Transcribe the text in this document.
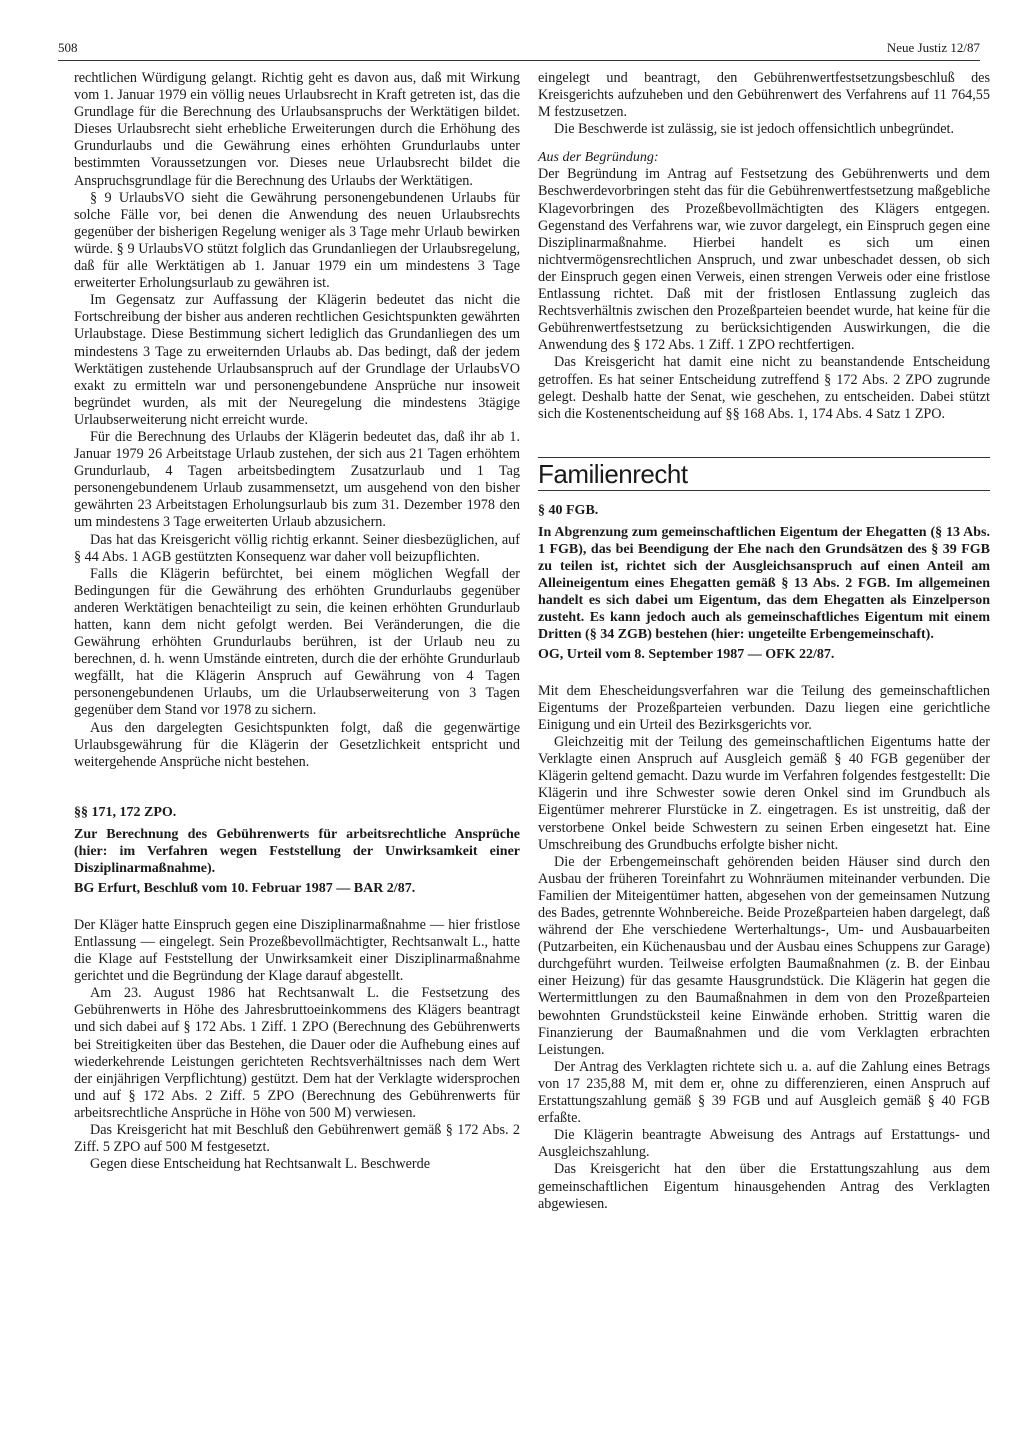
508	Neue Justiz 12/87

rechtlichen Würdigung gelangt. Richtig geht es davon aus, daß mit Wirkung vom 1. Januar 1979 ein völlig neues Urlaubsrecht in Kraft getreten ist, das die Grundlage für die Berechnung des Urlaubsanspruchs der Werktätigen bildet. Dieses Urlaubsrecht sieht erhebliche Erweiterungen durch die Erhöhung des Grundurlaubs und die Gewährung eines erhöhten Grundurlaubs unter bestimmten Voraussetzungen vor. Dieses neue Urlaubsrecht bildet die Anspruchsgrundlage für die Berechnung des Urlaubs der Werktätigen.

§ 9 UrlaubsVO sieht die Gewährung personengebundenen Urlaubs für solche Fälle vor, bei denen die Anwendung des neuen Urlaubsrechts gegenüber der bisherigen Regelung weniger als 3 Tage mehr Urlaub bewirken würde. § 9 UrlaubsVO stützt folglich das Grundanliegen der Urlaubsregelung, daß für alle Werktätigen ab 1. Januar 1979 ein um mindestens 3 Tage erweiterter Erholungsurlaub zu gewähren ist.

Im Gegensatz zur Auffassung der Klägerin bedeutet das nicht die Fortschreibung der bisher aus anderen rechtlichen Gesichtspunkten gewährten Urlaubstage. Diese Bestimmung sichert lediglich das Grundanliegen des um mindestens 3 Tage zu erweiternden Urlaubs ab. Das bedingt, daß der jedem Werktätigen zustehende Urlaubsanspruch auf der Grundlage der UrlaubsVO exakt zu ermitteln war und personengebundene Ansprüche nur insoweit begründet wurden, als mit der Neuregelung die mindestens 3tägige Urlaubserweiterung nicht erreicht wurde.

Für die Berechnung des Urlaubs der Klägerin bedeutet das, daß ihr ab 1. Januar 1979 26 Arbeitstage Urlaub zustehen, der sich aus 21 Tagen erhöhtem Grundurlaub, 4 Tagen arbeitsbedingtem Zusatzurlaub und 1 Tag personengebundenem Urlaub zusammensetzt, um ausgehend von den bisher gewährten 23 Arbeitstagen Erholungsurlaub bis zum 31. Dezember 1978 den um mindestens 3 Tage erweiterten Urlaub abzusichern.

Das hat das Kreisgericht völlig richtig erkannt. Seiner diesbezüglichen, auf § 44 Abs. 1 AGB gestützten Konsequenz war daher voll beizupflichten.

Falls die Klägerin befürchtet, bei einem möglichen Wegfall der Bedingungen für die Gewährung des erhöhten Grundurlaubs gegenüber anderen Werktätigen benachteiligt zu sein, die keinen erhöhten Grundurlaub hatten, kann dem nicht gefolgt werden. Bei Veränderungen, die die Gewährung erhöhten Grundurlaubs berühren, ist der Urlaub neu zu berechnen, d. h. wenn Umstände eintreten, durch die der erhöhte Grundurlaub wegfällt, hat die Klägerin Anspruch auf Gewährung von 4 Tagen personengebundenen Urlaubs, um die Urlaubserweiterung von 3 Tagen gegenüber dem Stand vor 1978 zu sichern.

Aus den dargelegten Gesichtspunkten folgt, daß die gegenwärtige Urlaubsgewährung für die Klägerin der Gesetzlichkeit entspricht und weitergehende Ansprüche nicht bestehen.

§§ 171, 172 ZPO.
Zur Berechnung des Gebührenwerts für arbeitsrechtliche Ansprüche (hier: im Verfahren wegen Feststellung der Unwirksamkeit einer Disziplinarmaßnahme).
BG Erfurt, Beschluß vom 10. Februar 1987 — BAR 2/87.

Der Kläger hatte Einspruch gegen eine Disziplinarmaßnahme — hier fristlose Entlassung — eingelegt. Sein Prozeßbevollmächtigter, Rechtsanwalt L., hatte die Klage auf Feststellung der Unwirksamkeit einer Disziplinarmaßnahme gerichtet und die Begründung der Klage darauf abgestellt.

Am 23. August 1986 hat Rechtsanwalt L. die Festsetzung des Gebührenwerts in Höhe des Jahresbruttoeinkommens des Klägers beantragt und sich dabei auf § 172 Abs. 1 Ziff. 1 ZPO (Berechnung des Gebührenwerts bei Streitigkeiten über das Bestehen, die Dauer oder die Aufhebung eines auf wiederkehrende Leistungen gerichteten Rechtsverhältnisses nach dem Wert der einjährigen Verpflichtung) gestützt. Dem hat der Verklagte widersprochen und auf § 172 Abs. 2 Ziff. 5 ZPO (Berechnung des Gebührenwerts für arbeitsrechtliche Ansprüche in Höhe von 500 M) verwiesen.

Das Kreisgericht hat mit Beschluß den Gebührenwert gemäß § 172 Abs. 2 Ziff. 5 ZPO auf 500 M festgesetzt.

Gegen diese Entscheidung hat Rechtsanwalt L. Beschwerde

eingelegt und beantragt, den Gebührenwertfestsetzungsbeschluß des Kreisgerichts aufzuheben und den Gebührenwert des Verfahrens auf 11 764,55 M festzusetzen.

Die Beschwerde ist zulässig, sie ist jedoch offensichtlich unbegründet.

Aus der Begründung:

Der Begründung im Antrag auf Festsetzung des Gebührenwerts und dem Beschwerdevorbringen steht das für die Gebührenwertfestsetzung maßgebliche Klagevorbringen des Prozeßbevollmächtigten des Klägers entgegen. Gegenstand des Verfahrens war, wie zuvor dargelegt, ein Einspruch gegen eine Disziplinarmaßnahme. Hierbei handelt es sich um einen nichtvermögensrechtlichen Anspruch, und zwar unbeschadet dessen, ob sich der Einspruch gegen einen Verweis, einen strengen Verweis oder eine fristlose Entlassung richtet. Daß mit der fristlosen Entlassung zugleich das Rechtsverhältnis zwischen den Prozeßparteien beendet wurde, hat keine für die Gebührenwertfestsetzung zu berücksichtigenden Auswirkungen, die die Anwendung des § 172 Abs. 1 Ziff. 1 ZPO rechtfertigen.

Das Kreisgericht hat damit eine nicht zu beanstandende Entscheidung getroffen. Es hat seiner Entscheidung zutreffend § 172 Abs. 2 ZPO zugrunde gelegt. Deshalb hatte der Senat, wie geschehen, zu entscheiden. Dabei stützt sich die Kostenentscheidung auf §§ 168 Abs. 1, 174 Abs. 4 Satz 1 ZPO.

Familienrecht
§ 40 FGB.
In Abgrenzung zum gemeinschaftlichen Eigentum der Ehegatten (§ 13 Abs. 1 FGB), das bei Beendigung der Ehe nach den Grundsätzen des § 39 FGB zu teilen ist, richtet sich der Ausgleichsanspruch auf einen Anteil am Alleineigentum eines Ehegatten gemäß § 13 Abs. 2 FGB. Im allgemeinen handelt es sich dabei um Eigentum, das dem Ehegatten als Einzelperson zusteht. Es kann jedoch auch als gemeinschaftliches Eigentum mit einem Dritten (§ 34 ZGB) bestehen (hier: ungeteilte Erbengemeinschaft).
OG, Urteil vom 8. September 1987 — OFK 22/87.

Mit dem Ehescheidungsverfahren war die Teilung des gemeinschaftlichen Eigentums der Prozeßparteien verbunden. Dazu liegen eine gerichtliche Einigung und ein Urteil des Bezirksgerichts vor.

Gleichzeitig mit der Teilung des gemeinschaftlichen Eigentums hatte der Verklagte einen Anspruch auf Ausgleich gemäß § 40 FGB gegenüber der Klägerin geltend gemacht. Dazu wurde im Verfahren folgendes festgestellt: Die Klägerin und ihre Schwester sowie deren Onkel sind im Grundbuch als Eigentümer mehrerer Flurstücke in Z. eingetragen. Es ist unstreitig, daß der verstorbene Onkel beide Schwestern zu seinen Erben eingesetzt hat. Eine Umschreibung des Grundbuchs erfolgte bisher nicht.

Die der Erbengemeinschaft gehörenden beiden Häuser sind durch den Ausbau der früheren Toreinfahrt zu Wohnräumen miteinander verbunden. Die Familien der Miteigentümer hatten, abgesehen von der gemeinsamen Nutzung des Bades, getrennte Wohnbereiche. Beide Prozeßparteien haben dargelegt, daß während der Ehe verschiedene Werterhaltungs-, Um- und Ausbauarbeiten (Putzarbeiten, ein Küchenausbau und der Ausbau eines Schuppens zur Garage) durchgeführt wurden. Teilweise erfolgten Baumaßnahmen (z. B. der Einbau einer Heizung) für das gesamte Hausgrundstück. Die Klägerin hat gegen die Wertermittlungen zu den Baumaßnahmen in dem von den Prozeßparteien bewohnten Grundstücksteil keine Einwände erhoben. Strittig waren die Finanzierung der Baumaßnahmen und die vom Verklagten erbrachten Leistungen.

Der Antrag des Verklagten richtete sich u. a. auf die Zahlung eines Betrags von 17 235,88 M, mit dem er, ohne zu differenzieren, einen Anspruch auf Erstattungszahlung gemäß § 39 FGB und auf Ausgleich gemäß § 40 FGB erfaßte.

Die Klägerin beantragte Abweisung des Antrags auf Erstattungs- und Ausgleichszahlung.

Das Kreisgericht hat den über die Erstattungszahlung aus dem gemeinschaftlichen Eigentum hinausgehenden Antrag des Verklagten abgewiesen.
